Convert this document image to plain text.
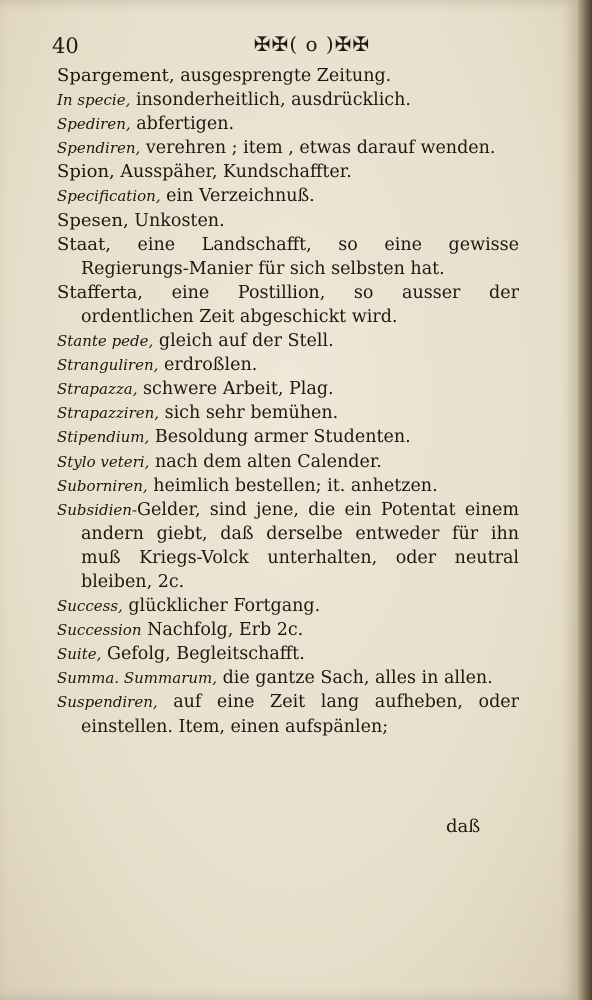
40	✠✠( o )✠✠

Spargement, ausgesprengte Zeitung.

In specie, insonderheitlich, ausdrücklich.

Spediren, abfertigen.

Spendiren, verehren ; item , etwas darauf wenden.

Spion, Ausspäher, Kundschaffter.

Specification, ein Verzeichnuß.

Spesen, Unkosten.

Staat, eine Landschafft, so eine gewisse Regierungs-Manier für sich selbsten hat.

Stafferta, eine Postillion, so ausser der ordentlichen Zeit abgeschickt wird.

Stante pede, gleich auf der Stell.

Stranguliren, erdroßlen.

Strapazza, schwere Arbeit, Plag.

Strapazziren, sich sehr bemühen.

Stipendium, Besoldung armer Studenten.

Stylo veteri, nach dem alten Calender.

Suborniren, heimlich bestellen; it. anhetzen.

Subsidien-Gelder, sind jene, die ein Potentat einem andern giebt, daß derselbe entweder für ihn muß Kriegs-Volck unterhalten, oder neutral bleiben, 2c.

Success, glücklicher Fortgang.

Succession Nachfolg, Erb 2c.

Suite, Gefolg, Begleitschafft.

Summa. Summarum, die gantze Sach, alles in allen.

Suspendiren, auf eine Zeit lang aufheben, oder einstellen. Item, einen aufspänlen;

daß
